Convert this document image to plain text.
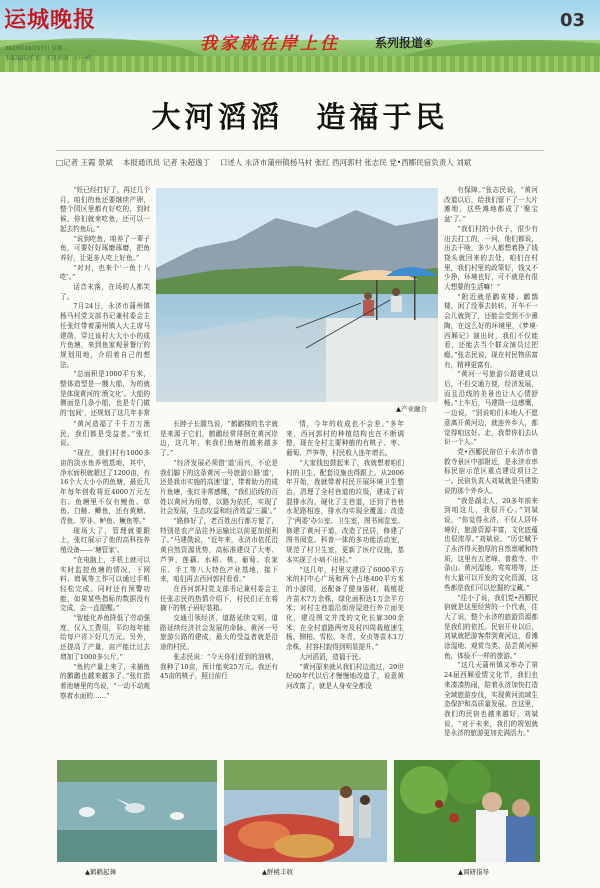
运城晚报
2023年10月17日 星期二
本版编辑/美术：王建 校对：白一帆
我家就在岸上住	系列报道④
03
大河滔滔　造福于民
□记者 王霞 景斌 　本报通讯员 记者 朱超逸丁 　口述人 永济市蒲州镇杨马村 张红 西河郭村 张志民 党•西郾民宿负责人 刘斌
▲产业融合

“妊已经打好了，再过几个月，咱们的鱼还要继续产卵，整个园区里都有好吃的，到时候，你们就来吃鱼，还可以一起去钓鱼玩。”

“说到吃鱼，咱养了一辈子鱼，可要好好琢磨琢磨，把鱼养好，让更多人吃上好鱼。”

“对对，也来个‘一鱼十八吃’。”

话音未落，在场的人都笑了。

7月24日，永济市蒲州镇杨马村党支部书记兼村委会主任张红带着蒲州镇人大主席马建勋，穿过该村大大小小的成片鱼塘，来到鱼家观景餐厅的规划用地，介绍着自己的想法。

“总面积是1000平方米，整体造型是一艘大船，为的就是体现黄河的‘渔文化’。大船的侧面是几条小船，也是专门做的‘包间’，还规划了这几年非常

“黄河造福了千千万万渔民，我们都是受益者。”张红说。

“现在，我们村有1000多亩的淡水鱼养殖基地，其中，净水面积就超过了1200亩，有16个大大小小的鱼塘，最近几年每年创收将近4000万元左右。鱼塘里不仅有鲤鱼、草鱼、白鲢、鲫鱼，还有黄鳝、青鱼、罗非、鲈鱼、鳜鱼等。”

现场大了，管理就要跟上，张红展示了他的高科技养殖设备——‘塘管家’。

“在电脑上，手机上就可以实时监控鱼塘的情况，下网料、增氧等工作可以通过手机轻松完成。同时还有预警功能，如果某些指标的数据没有完成，会一直提醒。”

“智能化养鱼降低了劳动强度，仅人工费用，平均每年能给每户省下好几万元。另外，还提高了产量，亩产能比过去增加了1000多公斤。”

“鱼的产量上来了，未捕鱼的鹅鹳也越来越多了。”张红指着池塘里的鸟说，“一动不动观察着水面的……”

长脖子长腿鸟说，“鹤鹳楼的名字就是来源于它们，鹤鹳经常徘徊在黄河岸边，这几年，来我们鱼塘的越来越多了。”

“经济发展必须借‘道’而兴，不论是我们脚下的这条黄河一号旅游公路‘道’，还是我市实施的高速‘道’，带着助力的成片鱼塘，张红非常感慨，“我们沿线的百姓以黄河为纽带，以路为依托，实现了社会发展，生态攻益和经济效益‘三赢’。”

“路修好了，老百姓出行都方便了，特别是农产品往外运输比以前更加便利了。”马建勋说，“近年来，永济市依托沿黄自然资源优势，高标准建设了大枣、芦笋、莲藕、水稻、桃、葡萄、农家乐、手工等八大特色产业基地，接下来，咱们再去西河郭村看看。”

在西河郭村党支部书记兼村委会主任张志民的热情介绍下，村民们正在将摘下的桃子码好装箱。

交通引领经济，道路延续文明，道路延续经济社会发展的命脉。黄河一号旅游公路的建成，最大的受益者就是沿途的村民。

张志民说：“今天你们看到的油桃，我种了10亩，预计能卖25万元。我还有45亩的桃子，照目前行

情，今年的收成也不会差。”多年来，西河郭村的种植结构也在不断调整，现在全村主要种植的有桃子、枣、葡萄、芦笋等，村民收入连年增长。

“大家钱包鼓起来了，我就想着咱们村的卫生、配套设施也得跟上。从2006年开始，我就带着村民开展环境卫生整治，清理了全村巷道的垃圾，建成了砖混排水沟，硬化了主巷道，还到了巷巷水泥路相连，排水沟实现全覆盖；改造了‘两委’办公室、卫生室，图书阅览室。修建了黄河干道，改造了民居，修建了图书阅览、科普一体的多功能活动室，规范了村卫生室，更新了医疗设施，基本实现了小病不出村。”

“这几年，村里又建设了6000平方米的村中心广场和两个占地400平方米的小游园，还配备了健身器材，栽植花卉苗木7万余株，绿化面积达1万余平方米；对村主巷道沿街房屋进行外立面美化，建设图文并茂的文化长廊300余米，在全村道路两旁及村四周栽植速生杨、侧柏、雪松、冬青、女贞等苗木1万余株，村容村貌得到明显提升。”

大河滔滔，造福于民。

“黄河原来就从我们村边流过，20世纪60年代以后才慢慢地改道了，说意黄河改富了，就是人身安全都没

有保障。”张志民说，“黄河改道以后，给我们留下了一大片滩地，这些滩地都成了‘聚宝盆’了。”

“我们村的小伙子，很少有出去打工的，一问，他们都说，出去干啥，多少人都想着挣了钱挠头就回来的去处，咱们在村里，我们村里的政策好，钱又不少挣，环境也好，可不就是有很大想要的生活嘛！”

“附近就是鹳雀楼、鹳鹊楼，闲了没事去转转，开车不一会儿就到了，还能会受到不少熏陶，在这么好的环境里，《梦境·西厢记》演出时，我们不仅能看，还能去当个群众演员过把瘾。”张志民说，现在村民物质富有，精神更富有。

“黄河一号旅游公路建成以后，不但交通方便，经济发展，而且沿线的美景也让人心情舒畅。”上车后，马建勋一边感慨，一边说，“别说咱们本地人不愿意离开黄河边，就连外乡人，都觉得咱这好。走，我带你们去认识一个人。”

党•西郾民宿位于永济市普救寺景区中部附近，是永济市率标民宿示范区重点建设项目之一。民宿负责人刘斌就是马建勋说的那个外乡人。

“我是湖北人，20多年前来到咱这儿，我很开心。”刘斌说，“你觉得永济，不仅人居环境好，旅游资源丰富，文化底蕴也很浓厚。”刘斌说，“历史赋予了永济得天独厚的自然禀赋和特质，这里有五老峰、普救寺、中条山、黄河湿地、莺莺塔等，还有大量可以开发的文化资源，这些都是我们可以挖掘的宝藏。”

“往小了说，我们党•西郾民宿就是这里经营的一个代表，往大了说，整个永济的旅游资源都是我们的依托。民宿开业以后，刘斌就把游客带到黄河边，看滩涂湿地、观赏鸟类、品尝黄河鲜鱼，体验不一样的旅游。”

“这几天蒲州镇又举办了第24届西厢爱情文化节，我们也来凑凑热闹，陪着永济加快打造全域旅游步伐，实现黄河流域生态保护和高质量发展。在这里，我们的民宿也越来越好，刘斌说，“对于未来，我们的规划就是永济的旅游更加充满活力。”

▲鹤鹳起舞	▲鲜桃丰收	▲调研指导
